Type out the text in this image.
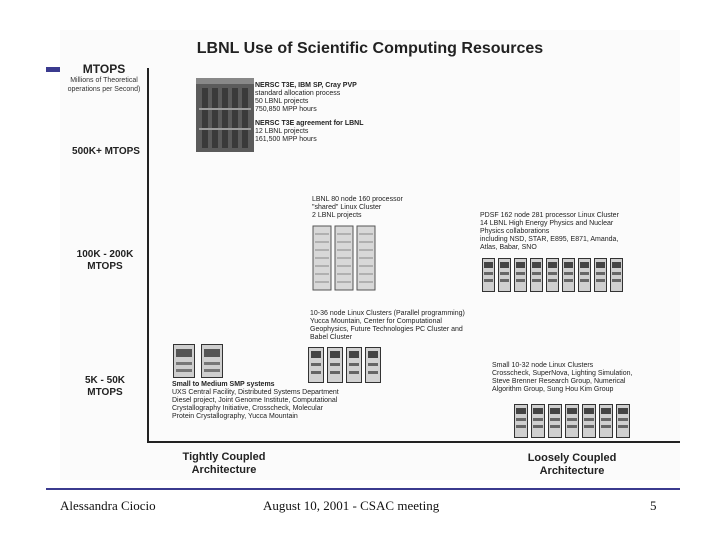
LBNL Use of Scientific Computing Resources
MTOPS
Millions of Theoretical
operations per Second)
500K+ MTOPS
100K - 200K
MTOPS
5K - 50K
MTOPS
Tightly Coupled
Architecture
Loosely Coupled
Architecture
NERSC T3E, IBM SP, Cray PVP
standard allocation process
50 LBNL projects
750,850 MPP hours
NERSC T3E agreement for LBNL
12 LBNL projects
161,500 MPP hours
LBNL 80 node 160 processor
"shared" Linux Cluster
2 LBNL projects	PDSF 162 node 281 processor Linux Cluster
14 LBNL High Energy Physics and Nuclear
Physics collaborations
including NSD, STAR, E895, E871, Amanda,
Atlas, Babar, SNO
10-36 node Linux Clusters (Parallel programming)
Yucca Mountain, Center for Computational
Geophysics, Future Technologies PC Cluster and
Babel Cluster
Small to Medium SMP systems
UXS Central Facility, Distributed Systems Department
Diesel project, Joint Genome Institute, Computational
Crystallography Initiative, Crosscheck, Molecular
Protein Crystallography, Yucca Mountain
Small 10-32 node Linux Clusters
Crosscheck, SuperNova, Lighting Simulation,
Steve Brenner Research Group, Numerical
Algorithm Group, Sung Hou Kim Group
Alessandra Ciocio	August 10, 2001 - CSAC meeting	5
